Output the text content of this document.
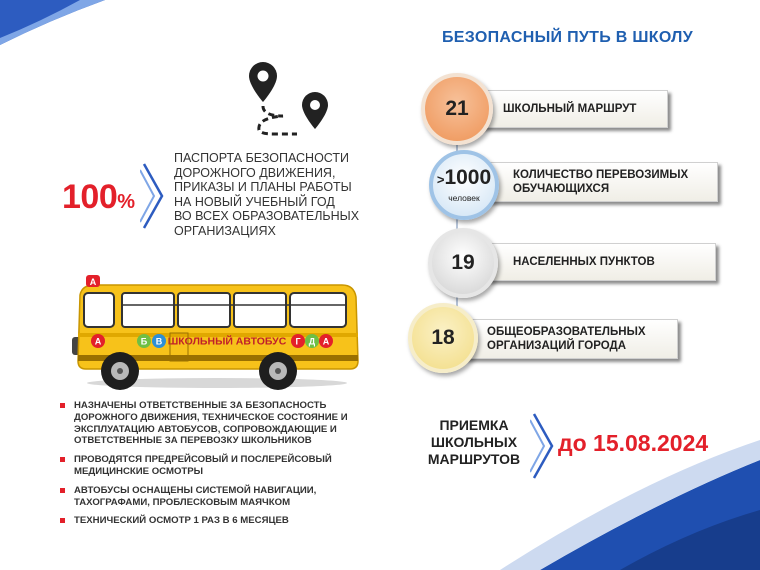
БЕЗОПАСНЫЙ ПУТЬ В ШКОЛУ
100%
ПАСПОРТА БЕЗОПАСНОСТИ
ДОРОЖНОГО ДВИЖЕНИЯ,
ПРИКАЗЫ И ПЛАНЫ РАБОТЫ
НА НОВЫЙ УЧЕБНЫЙ ГОД
ВО ВСЕХ ОБРАЗОВАТЕЛЬНЫХ
ОРГАНИЗАЦИЯХ
А
А	Б В ШКОЛЬНЫЙ АВТОБУС Г Д А
НАЗНАЧЕНЫ ОТВЕТСТВЕННЫЕ ЗА БЕЗОПАСНОСТЬ ДОРОЖНОГО ДВИЖЕНИЯ, ТЕХНИЧЕСКОЕ СОСТОЯНИЕ И ЭКСПЛУАТАЦИЮ АВТОБУСОВ, СОПРОВОЖДАЮЩИЕ И ОТВЕТСТВЕННЫЕ ЗА ПЕРЕВОЗКУ ШКОЛЬНИКОВ
ПРОВОДЯТСЯ ПРЕДРЕЙСОВЫЙ И ПОСЛЕРЕЙСОВЫЙ МЕДИЦИНСКИЕ ОСМОТРЫ
АВТОБУСЫ ОСНАЩЕНЫ СИСТЕМОЙ НАВИГАЦИИ, ТАХОГРАФАМИ, ПРОБЛЕСКОВЫМ МАЯЧКОМ
ТЕХНИЧЕСКИЙ ОСМОТР 1 РАЗ В 6 МЕСЯЦЕВ
ШКОЛЬНЫЙ МАРШРУТ
КОЛИЧЕСТВО ПЕРЕВОЗИМЫХ ОБУЧАЮЩИХСЯ
НАСЕЛЕННЫХ ПУНКТОВ
ОБЩЕОБРАЗОВАТЕЛЬНЫХ ОРГАНИЗАЦИЙ ГОРОДА
21
>1000
человек
19
18
ПРИЕМКА ШКОЛЬНЫХ МАРШРУТОВ
до 15.08.2024
